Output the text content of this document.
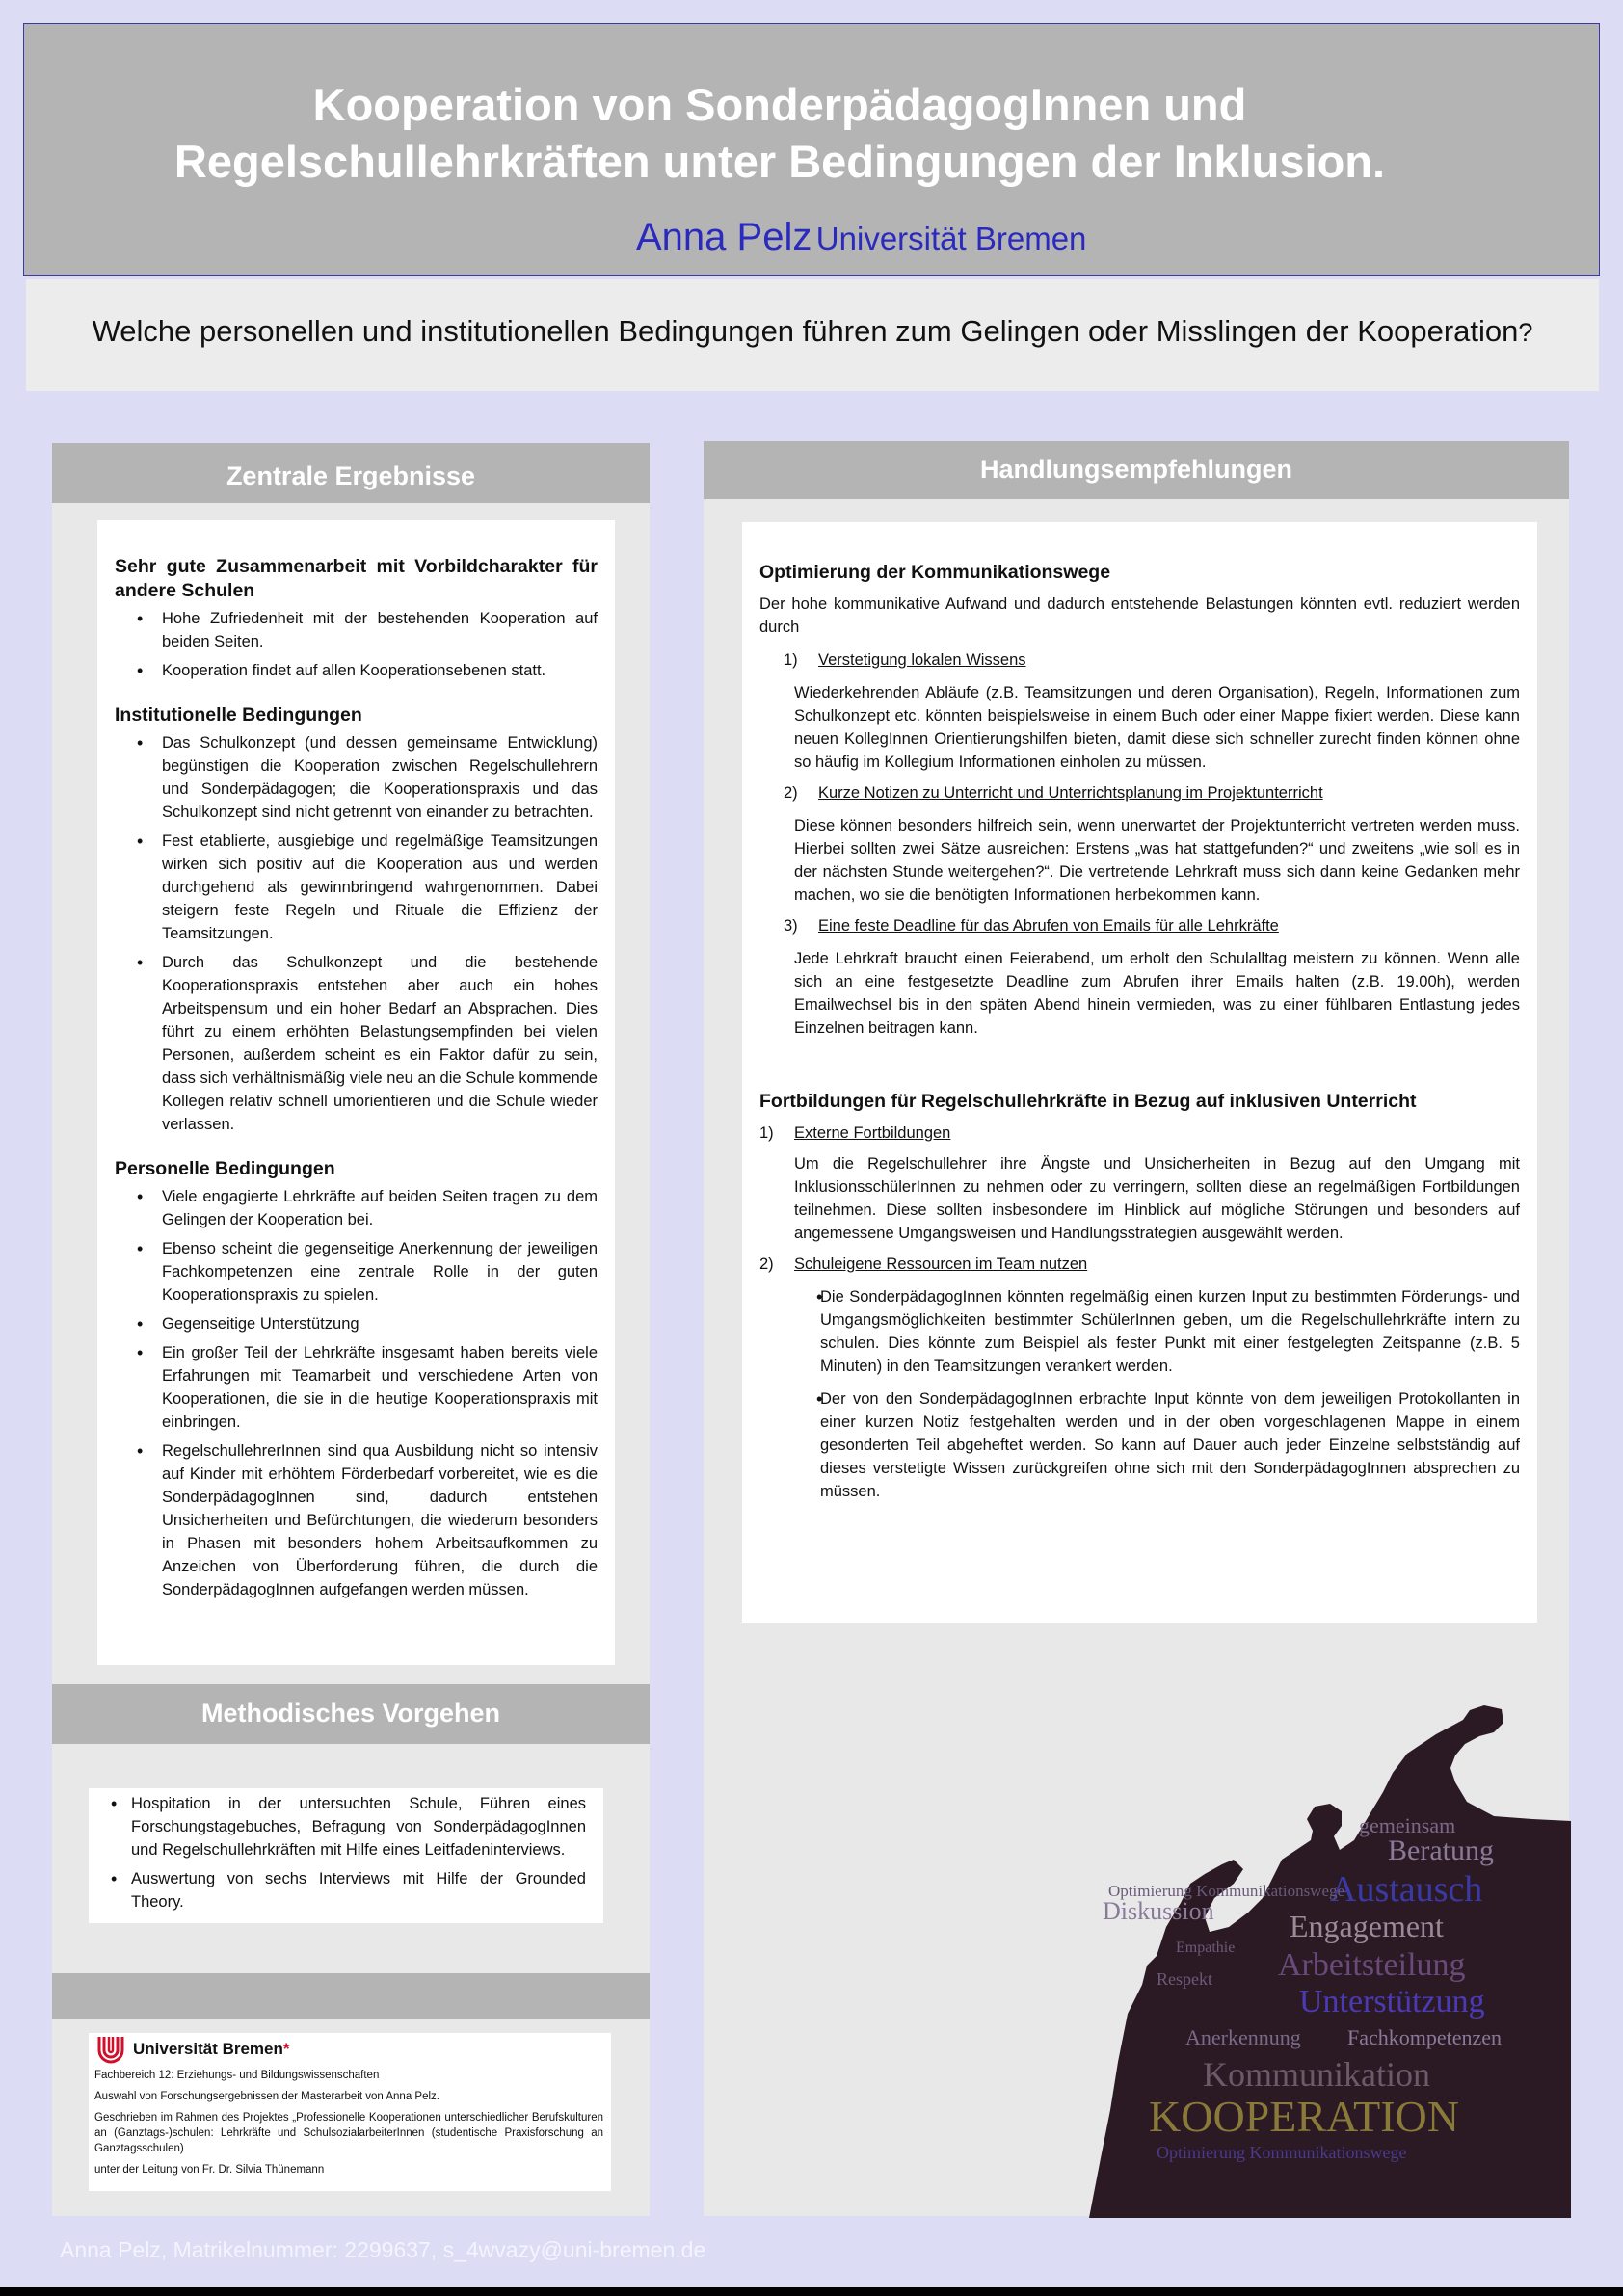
Kooperation von SonderpädagogInnen und
Regelschullehrkräften unter Bedingungen der Inklusion.
Anna Pelz Universität Bremen
Welche personellen und institutionellen Bedingungen führen zum Gelingen oder Misslingen der Kooperation?
Zentrale Ergebnisse
Sehr gute Zusammenarbeit mit Vorbildcharakter für andere Schulen
• Hohe Zufriedenheit mit der bestehenden Kooperation auf beiden Seiten.
• Kooperation findet auf allen Kooperationsebenen statt.
Institutionelle Bedingungen
• Das Schulkonzept (und dessen gemeinsame Entwicklung) begünstigen die Kooperation zwischen Regelschullehrern und Sonderpädagogen; die Kooperationspraxis und das Schulkonzept sind nicht getrennt von einander zu betrachten.
• Fest etablierte, ausgiebige und regelmäßige Teamsitzungen wirken sich positiv auf die Kooperation aus und werden durchgehend als gewinnbringend wahrgenommen. Dabei steigern feste Regeln und Rituale die Effizienz der Teamsitzungen.
• Durch das Schulkonzept und die bestehende Kooperationspraxis entstehen aber auch ein hohes Arbeitspensum und ein hoher Bedarf an Absprachen. Dies führt zu einem erhöhten Belastungsempfinden bei vielen Personen, außerdem scheint es ein Faktor dafür zu sein, dass sich verhältnismäßig viele neu an die Schule kommende Kollegen relativ schnell umorientieren und die Schule wieder verlassen.
Personelle Bedingungen
• Viele engagierte Lehrkräfte auf beiden Seiten tragen zu dem Gelingen der Kooperation bei.
• Ebenso scheint die gegenseitige Anerkennung der jeweiligen Fachkompetenzen eine zentrale Rolle in der guten Kooperationspraxis zu spielen.
• Gegenseitige Unterstützung
• Ein großer Teil der Lehrkräfte insgesamt haben bereits viele Erfahrungen mit Teamarbeit und verschiedene Arten von Kooperationen, die sie in die heutige Kooperationspraxis mit einbringen.
• RegelschullehrerInnen sind qua Ausbildung nicht so intensiv auf Kinder mit erhöhtem Förderbedarf vorbereitet, wie es die SonderpädagogInnen sind, dadurch entstehen Unsicherheiten und Befürchtungen, die wiederum besonders in Phasen mit besonders hohem Arbeitsaufkommen zu Anzeichen von Überforderung führen, die durch die SonderpädagogInnen aufgefangen werden müssen.
Methodisches Vorgehen
• Hospitation in der untersuchten Schule, Führen eines Forschungstagebuches, Befragung von SonderpädagogInnen und Regelschullehrkräften mit Hilfe eines Leitfadeninterviews.
• Auswertung von sechs Interviews mit Hilfe der Grounded Theory.
Universität Bremen*
Fachbereich 12: Erziehungs- und Bildungswissenschaften
Auswahl von Forschungsergebnissen der Masterarbeit von Anna Pelz.
Geschrieben im Rahmen des Projektes „Professionelle Kooperationen unterschiedlicher Berufskulturen an (Ganztags-)schulen: Lehrkräfte und SchulsozialarbeiterInnen (studentische Praxisforschung an Ganztagsschulen)
unter der Leitung von Fr. Dr. Silvia Thünemann
Handlungsempfehlungen
Optimierung der Kommunikationswege
Der hohe kommunikative Aufwand und dadurch entstehende Belastungen könnten evtl. reduziert werden durch
1)	Verstetigung lokalen Wissens
Wiederkehrenden Abläufe (z.B. Teamsitzungen und deren Organisation), Regeln, Informationen zum Schulkonzept etc. könnten beispielsweise in einem Buch oder einer Mappe fixiert werden. Diese kann neuen KollegInnen Orientierungshilfen bieten, damit diese sich schneller zurecht finden können ohne so häufig im Kollegium Informationen einholen zu müssen.
2)	Kurze Notizen zu Unterricht und Unterrichtsplanung im Projektunterricht
Diese können besonders hilfreich sein, wenn unerwartet der Projektunterricht vertreten werden muss. Hierbei sollten zwei Sätze ausreichen: Erstens „was hat stattgefunden?“ und zweitens „wie soll es in der nächsten Stunde weitergehen?“. Die vertretende Lehrkraft muss sich dann keine Gedanken mehr machen, wo sie die benötigten Informationen herbekommen kann.
3)	Eine feste Deadline für das Abrufen von Emails für alle Lehrkräfte
Jede Lehrkraft braucht einen Feierabend, um erholt den Schulalltag meistern zu können. Wenn alle sich an eine festgesetzte Deadline zum Abrufen ihrer Emails halten (z.B. 19.00h), werden Emailwechsel bis in den späten Abend hinein vermieden, was zu einer fühlbaren Entlastung jedes Einzelnen beitragen kann.
Fortbildungen für Regelschullehrkräfte in Bezug auf inklusiven Unterricht
1)	Externe Fortbildungen
Um die Regelschullehrer ihre Ängste und Unsicherheiten in Bezug auf den Umgang mit InklusionsschülerInnen zu nehmen oder zu verringern, sollten diese an regelmäßigen Fortbildungen teilnehmen. Diese sollten insbesondere im Hinblick auf mögliche Störungen und besonders auf angemessene Umgangsweisen und Handlungsstrategien ausgewählt werden.
2)	Schuleigene Ressourcen im Team nutzen
• Die SonderpädagogInnen könnten regelmäßig einen kurzen Input zu bestimmten Förderungs- und Umgangsmöglichkeiten bestimmter SchülerInnen geben, um die Regelschullehrkräfte intern zu schulen. Dies könnte zum Beispiel als fester Punkt mit einer festgelegten Zeitspanne (z.B. 5 Minuten) in den Teamsitzungen verankert werden.
• Der von den SonderpädagogInnen erbrachte Input könnte von dem jeweiligen Protokollanten in einer kurzen Notiz festgehalten werden und in der oben vorgeschlagenen Mappe in einem gesonderten Teil abgeheftet werden. So kann auf Dauer auch jeder Einzelne selbstständig auf dieses verstetigte Wissen zurückgreifen ohne sich mit den SonderpädagogInnen absprechen zu müssen.
gemeinsam
Beratung
Austausch
Diskussion
Optimierung Kommunikationswege
Engagement
Arbeitsteilung
Empathie
Respekt
Unterstützung
Anerkennung Fachkompetenzen
Kommunikation
KOOPERATION
Optimierung Kommunikationswege
Anna Pelz, Matrikelnummer: 2299637, s_4wvazy@uni-bremen.de
